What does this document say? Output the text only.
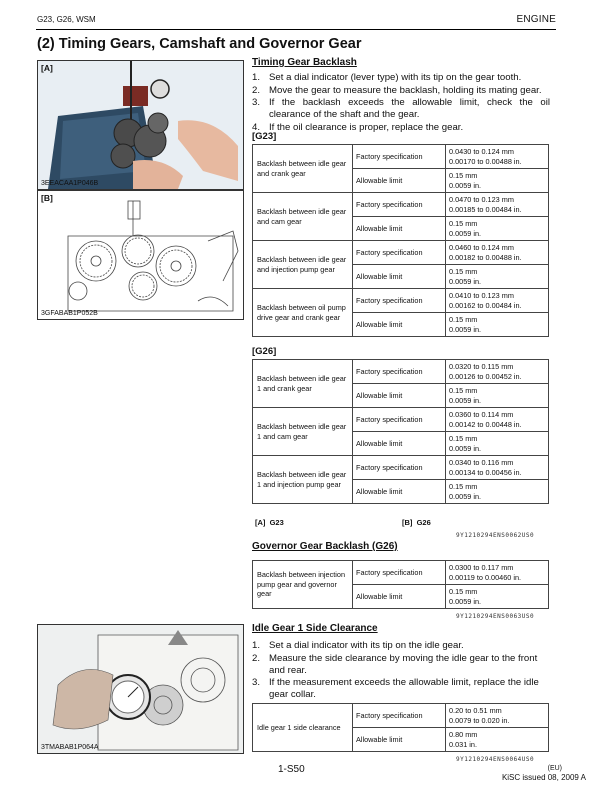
G23, G26, WSM	ENGINE
(2) Timing Gears, Camshaft and Governor Gear
[A]
3EEACAA1P046B
[B]
3GFABAB1P052B
3TMABAB1P064A
Timing Gear Backlash
1. Set a dial indicator (lever type) with its tip on the gear tooth.
2. Move the gear to measure the backlash, holding its mating gear.
3. If the backlash exceeds the allowable limit, check the oil clearance of the shaft and the gear.
4. If the oil clearance is proper, replace the gear.
[G23]
Backlash between idle gear and crank gear	Factory specification	0.0430 to 0.124 mm
0.00170 to 0.00488 in.
	Allowable limit	0.15 mm
0.0059 in.
Backlash between idle gear and cam gear	Factory specification	0.0470 to 0.123 mm
0.00185 to 0.00484 in.
	Allowable limit	0.15 mm
0.0059 in.
Backlash between idle gear and injection pump gear	Factory specification	0.0460 to 0.124 mm
0.00182 to 0.00488 in.
	Allowable limit	0.15 mm
0.0059 in.
Backlash between oil pump drive gear and crank gear	Factory specification	0.0410 to 0.123 mm
0.00162 to 0.00484 in.
	Allowable limit	0.15 mm
0.0059 in.
[G26]
Backlash between idle gear 1 and crank gear	Factory specification	0.0320 to 0.115 mm
0.00126 to 0.00452 in.
	Allowable limit	0.15 mm
0.0059 in.
Backlash between idle gear 1 and cam gear	Factory specification	0.0360 to 0.114 mm
0.00142 to 0.00448 in.
	Allowable limit	0.15 mm
0.0059 in.
Backlash between idle gear 1 and injection pump gear	Factory specification	0.0340 to 0.116 mm
0.00134 to 0.00456 in.
	Allowable limit	0.15 mm
0.0059 in.
[A] G23	[B] G26
9Y1210294ENS0062US0
Governor Gear Backlash (G26)
Backlash between injection pump gear and governor gear	Factory specification	0.0300 to 0.117 mm
0.00119 to 0.00460 in.
	Allowable limit	0.15 mm
0.0059 in.
9Y1210294ENS0063US0
Idle Gear 1 Side Clearance
1. Set a dial indicator with its tip on the idle gear.
2. Measure the side clearance by moving the idle gear to the front and rear.
3. If the measurement exceeds the allowable limit, replace the idle gear collar.
Idle gear 1 side clearance	Factory specification	0.20 to 0.51 mm
0.0079 to 0.020 in.
	Allowable limit	0.80 mm
0.031 in.
9Y1210294ENS0064US0
1-S50	(EU)
KiSC issued 08, 2009 A
